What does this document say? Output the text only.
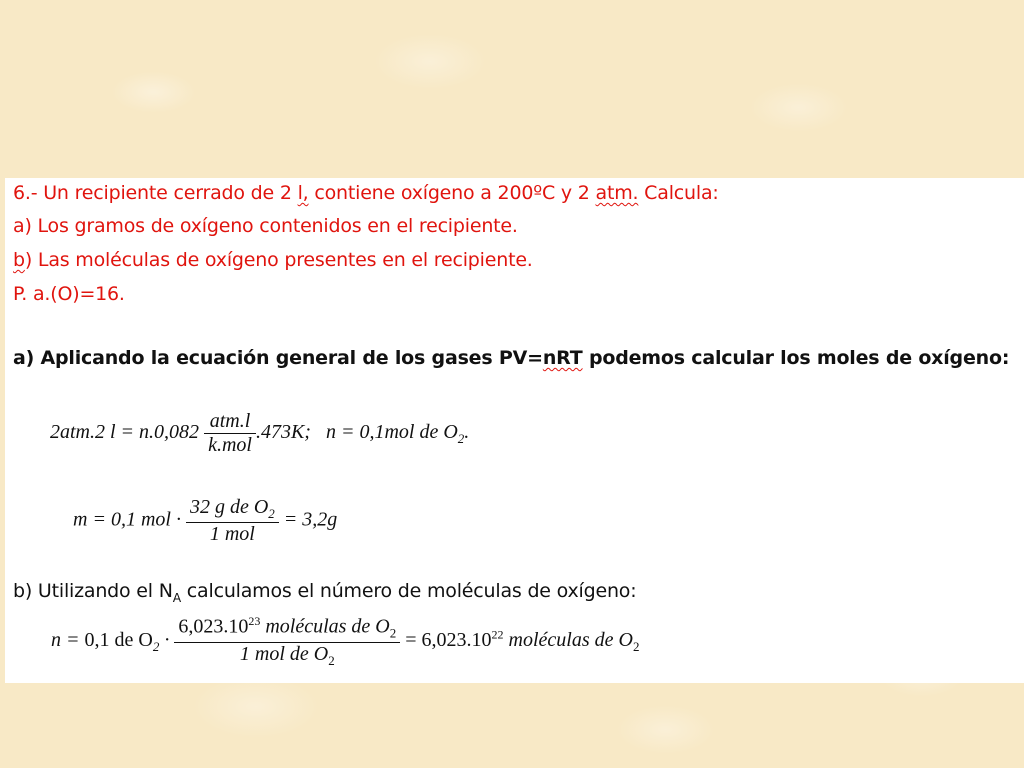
6.- Un recipiente cerrado de 2 l, contiene oxígeno a 200ºC y 2 atm. Calcula:
a) Los gramos de oxígeno contenidos en el recipiente.
b) Las moléculas de oxígeno presentes en el recipiente.
P. a.(O)=16.
a) Aplicando la ecuación general de los gases PV=nRT podemos calcular los moles de oxígeno:
2atm.2 $l = n.0,082 \frac{\text{atm.l}}{\text{k.mol}} .473K$; n = 0,1mol de $O_2$.
m = 0,1 mol · $\frac{32 g de O_2}{\text{1 mol}} = 3,2g$
b) Utilizando el $N_A$ calculamos el número de moléculas de oxígeno:
n = 0,1 de $O_2 \cdot \frac{6,023.10^{23} moléculas de O_2}{1 mol de O_2} = 6,023.10^{22}$ moléculas de $O_2$
